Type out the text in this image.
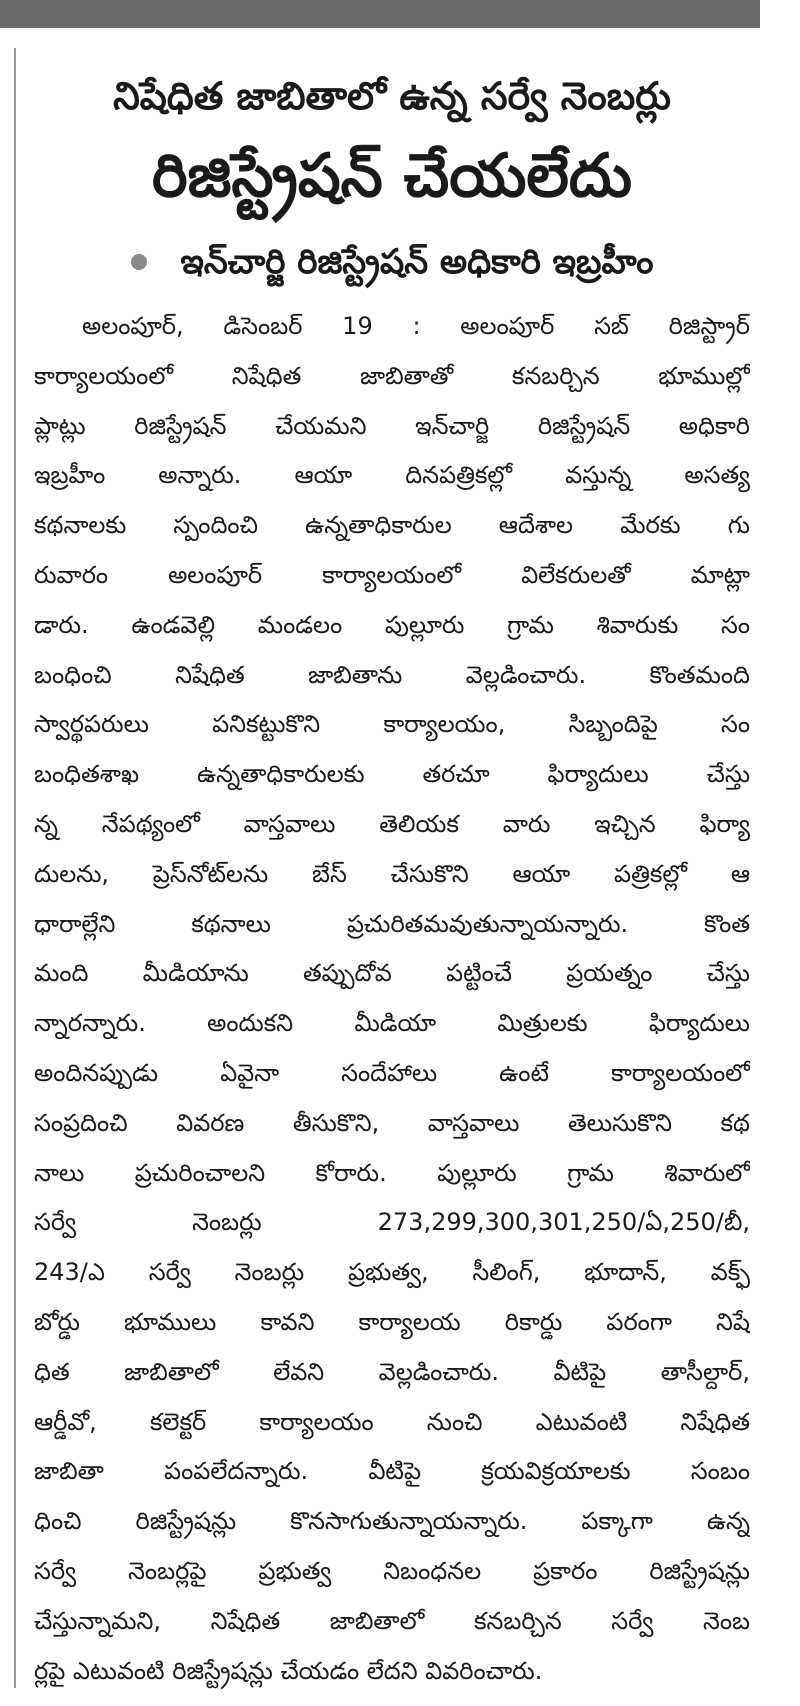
నిషేధిత జాబితాలో ఉన్న సర్వే నెంబర్లు
రిజిస్ట్రేషన్ చేయలేదు
ఇన్‌చార్జి రిజిస్ట్రేషన్ అధికారి ఇబ్రహీం
అలంపూర్, డిసెంబర్ 19 : అలంపూర్ సబ్ రిజిస్ట్రార్
కార్యాలయంలో నిషేధిత జాబితాతో కనబర్చిన భూముల్లో
ప్లాట్లు రిజిస్ట్రేషన్ చేయమని ఇన్‌చార్జి రిజిస్ట్రేషన్ అధికారి
ఇబ్రహీం అన్నారు. ఆయా దినపత్రికల్లో వస్తున్న అసత్య
కథనాలకు స్పందించి ఉన్నతాధికారుల ఆదేశాల మేరకు గు
రువారం అలంపూర్ కార్యాలయంలో విలేకరులతో మాట్లా
డారు. ఉండవెల్లి మండలం పుల్లూరు గ్రామ శివారుకు సం
బంధించి నిషేధిత జాబితాను వెల్లడించారు. కొంతమంది
స్వార్థపరులు పనికట్టుకొని కార్యాలయం, సిబ్బందిపై సం
బంధితశాఖ ఉన్నతాధికారులకు తరచూ ఫిర్యాదులు చేస్తు
న్న నేపథ్యంలో వాస్తవాలు తెలియక వారు ఇచ్చిన ఫిర్యా
దులను, ప్రెస్‌నోట్‌లను బేస్ చేసుకొని ఆయా పత్రికల్లో ఆ
ధారాల్లేని కథనాలు ప్రచురితమవుతున్నాయన్నారు. కొంత
మంది మీడియాను తప్పుదోవ పట్టించే ప్రయత్నం చేస్తు
న్నారన్నారు. అందుకని మీడియా మిత్రులకు ఫిర్యాదులు
అందినప్పుడు ఏవైనా సందేహాలు ఉంటే కార్యాలయంలో
సంప్రదించి వివరణ తీసుకొని, వాస్తవాలు తెలుసుకొని కథ
నాలు ప్రచురించాలని కోరారు. పుల్లూరు గ్రామ శివారులో
సర్వే నెంబర్లు 273,299,300,301,250/ఏ,250/బీ,
243/ఎ సర్వే నెంబర్లు ప్రభుత్వ, సీలింగ్, భూదాన్, వక్ఫ్
బోర్డు భూములు కావని కార్యాలయ రికార్డు పరంగా నిషే
ధిత జాబితాలో లేవని వెల్లడించారు. వీటిపై తాసీల్దార్,
ఆర్డీవో, కలెక్టర్ కార్యాలయం నుంచి ఎటువంటి నిషేధిత
జాబితా పంపలేదన్నారు. వీటిపై క్రయవిక్రయాలకు సంబం
ధించి రిజిస్ట్రేషన్లు కొనసాగుతున్నాయన్నారు. పక్కాగా ఉన్న
సర్వే నెంబర్లపై ప్రభుత్వ నిబంధనల ప్రకారం రిజిస్ట్రేషన్లు
చేస్తున్నామని, నిషేధిత జాబితాలో కనబర్చిన సర్వే నెంబ
ర్లపై ఎటువంటి రిజిస్ట్రేషన్లు చేయడం లేదని వివరించారు.
